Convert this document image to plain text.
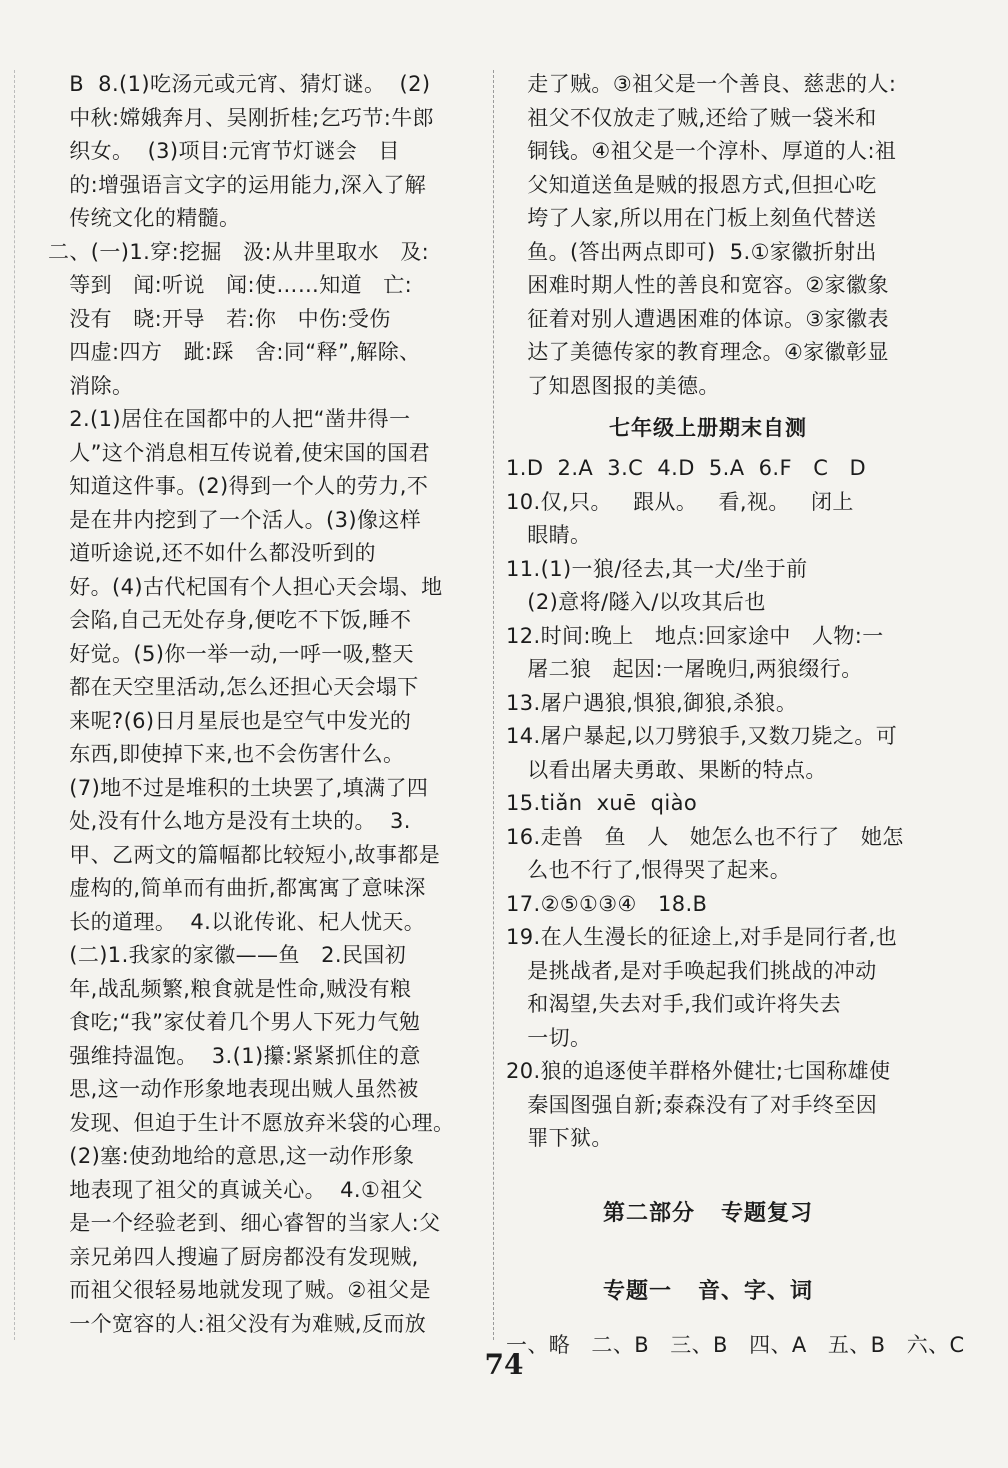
B  8.(1)吃汤元或元宵、猜灯谜。  (2)
中秋:嫦娥奔月、吴刚折桂;乞巧节:牛郎
织女。  (3)项目:元宵节灯谜会   目
的:增强语言文字的运用能力,深入了解
传统文化的精髓。
二、(一)1.穿:挖掘   汲:从井里取水   及:
等到   闻:听说   闻:使……知道   亡:
没有   晓:开导   若:你   中伤:受伤
四虚:四方   跐:踩   舍:同“释”,解除、
消除。
2.(1)居住在国都中的人把“凿井得一
人”这个消息相互传说着,使宋国的国君
知道这件事。(2)得到一个人的劳力,不
是在井内挖到了一个活人。(3)像这样
道听途说,还不如什么都没听到的
好。(4)古代杞国有个人担心天会塌、地
会陷,自己无处存身,便吃不下饭,睡不
好觉。(5)你一举一动,一呼一吸,整天
都在天空里活动,怎么还担心天会塌下
来呢?(6)日月星辰也是空气中发光的
东西,即使掉下来,也不会伤害什么。
(7)地不过是堆积的土块罢了,填满了四
处,没有什么地方是没有土块的。  3.
甲、乙两文的篇幅都比较短小,故事都是
虚构的,简单而有曲折,都寓寓了意味深
长的道理。  4.以讹传讹、杞人忧天。
(二)1.我家的家徽——鱼   2.民国初
年,战乱频繁,粮食就是性命,贼没有粮
食吃;“我”家仗着几个男人下死力气勉
强维持温饱。  3.(1)攥:紧紧抓住的意
思,这一动作形象地表现出贼人虽然被
发现、但迫于生计不愿放弃米袋的心理。
(2)塞:使劲地给的意思,这一动作形象
地表现了祖父的真诚关心。  4.①祖父
是一个经验老到、细心睿智的当家人:父
亲兄弟四人搜遍了厨房都没有发现贼,
而祖父很轻易地就发现了贼。②祖父是
一个宽容的人:祖父没有为难贼,反而放
走了贼。③祖父是一个善良、慈悲的人:
祖父不仅放走了贼,还给了贼一袋米和
铜钱。④祖父是一个淳朴、厚道的人:祖
父知道送鱼是贼的报恩方式,但担心吃
垮了人家,所以用在门板上刻鱼代替送
鱼。(答出两点即可)  5.①家徽折射出
困难时期人性的善良和宽容。②家徽象
征着对别人遭遇困难的体谅。③家徽表
达了美德传家的教育理念。④家徽彰显
了知恩图报的美德。
七年级上册期末自测
1.D  2.A  3.C  4.D  5.A  6.F   C   D
10.仅,只。   跟从。   看,视。   闭上
眼睛。
11.(1)一狼/径去,其一犬/坐于前
(2)意将/隧入/以攻其后也
12.时间:晚上   地点:回家途中   人物:一
屠二狼   起因:一屠晚归,两狼缀行。
13.屠户遇狼,惧狼,御狼,杀狼。
14.屠户暴起,以刀劈狼手,又数刀毙之。可
以看出屠夫勇敢、果断的特点。
15.tiǎn  xuē  qiào
16.走兽   鱼   人   她怎么也不行了   她怎
么也不行了,恨得哭了起来。
17.②⑤①③④   18.B
19.在人生漫长的征途上,对手是同行者,也
是挑战者,是对手唤起我们挑战的冲动
和渴望,失去对手,我们或许将失去
一切。
20.狼的追逐使羊群格外健壮;七国称雄使
秦国图强自新;泰森没有了对手终至因
罪下狱。
第二部分   专题复习
专题一   音、字、词
一、略   二、B   三、B   四、A   五、B   六、C
74
